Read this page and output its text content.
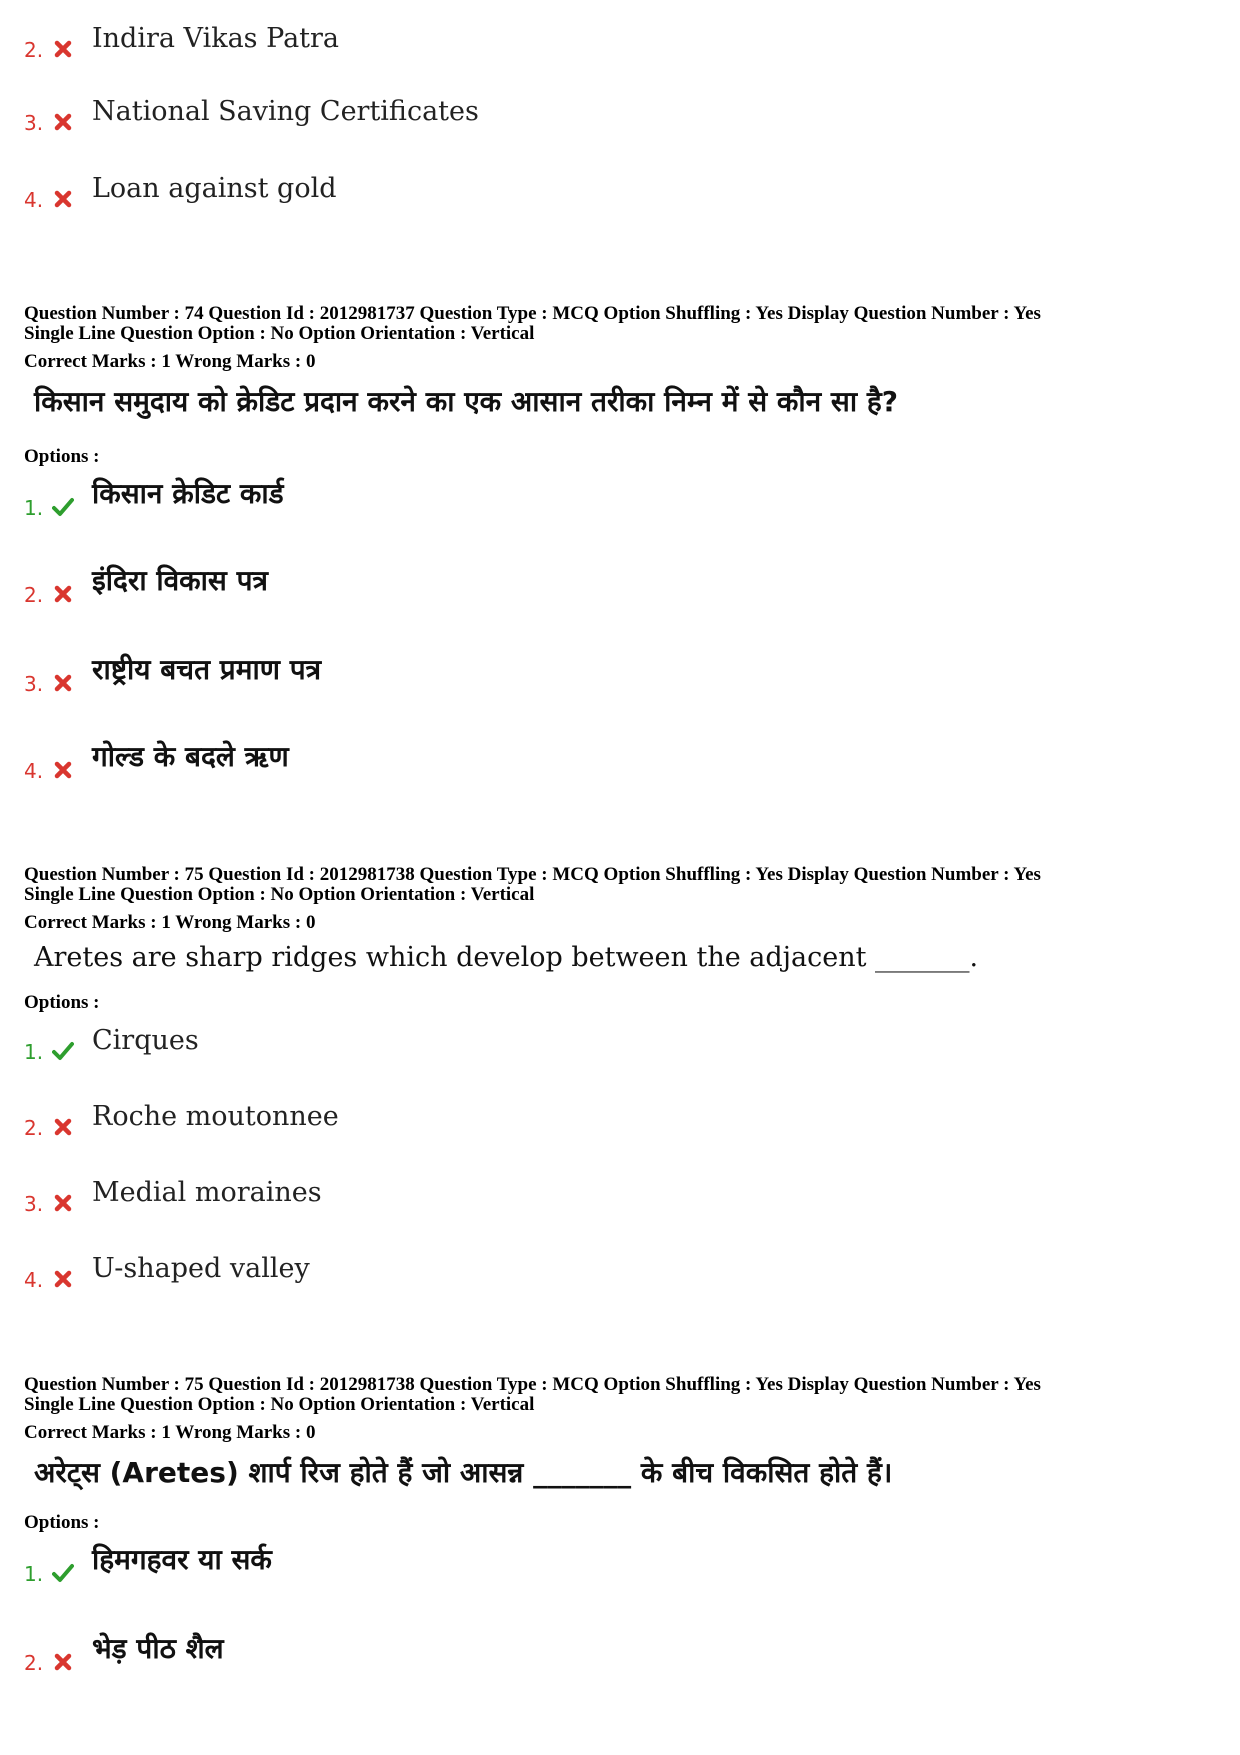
2. Indira Vikas Patra
3. National Saving Certificates
4. Loan against gold
Question Number : 74 Question Id : 2012981737 Question Type : MCQ Option Shuffling : Yes Display Question Number : Yes
Single Line Question Option : No Option Orientation : Vertical
Correct Marks : 1 Wrong Marks : 0
किसान समुदाय को क्रेडिट प्रदान करने का एक आसान तरीका निम्न में से कौन सा है?
Options :
1. किसान क्रेडिट कार्ड
2. इंदिरा विकास पत्र
3. राष्ट्रीय बचत प्रमाण पत्र
4. गोल्ड के बदले ऋण
Question Number : 75 Question Id : 2012981738 Question Type : MCQ Option Shuffling : Yes Display Question Number : Yes
Single Line Question Option : No Option Orientation : Vertical
Correct Marks : 1 Wrong Marks : 0
Aretes are sharp ridges which develop between the adjacent _______.
Options :
1. Cirques
2. Roche moutonnee
3. Medial moraines
4. U-shaped valley
Question Number : 75 Question Id : 2012981738 Question Type : MCQ Option Shuffling : Yes Display Question Number : Yes
Single Line Question Option : No Option Orientation : Vertical
Correct Marks : 1 Wrong Marks : 0
अरेट्स (Aretes) शार्प रिज होते हैं जो आसन्न _______ के बीच विकसित होते हैं।
Options :
1. हिमगहवर या सर्क
2. भेड़ पीठ शैल
